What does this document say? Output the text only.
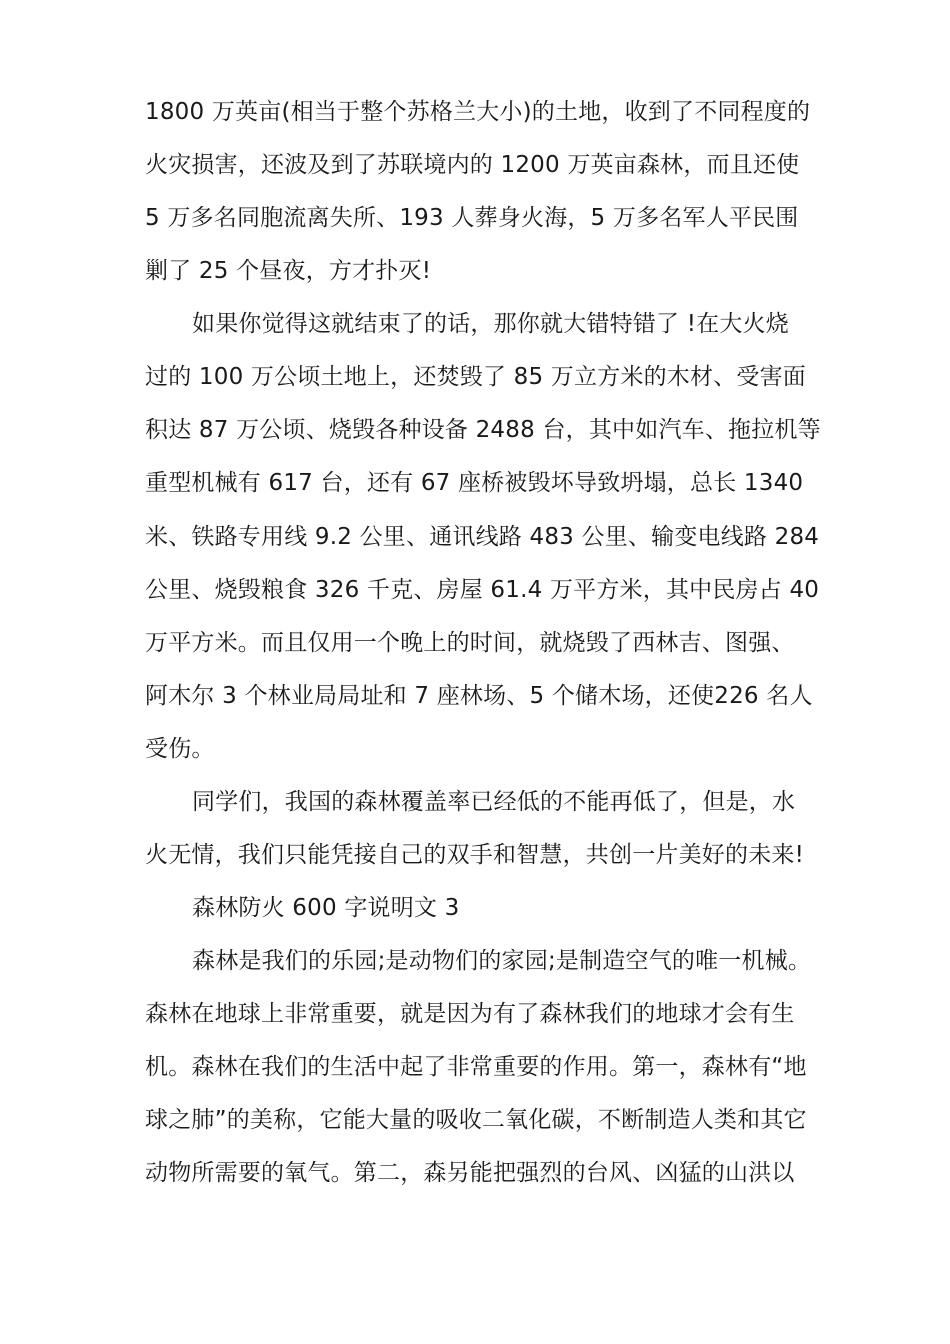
1800 万英亩(相当于整个苏格兰大小)的土地，收到了不同程度的
火灾损害，还波及到了苏联境内的 1200 万英亩森林，而且还使
5 万多名同胞流离失所、193 人葬身火海，5 万多名军人平民围
剿了 25 个昼夜，方才扑灭!
如果你觉得这就结束了的话，那你就大错特错了 !在大火烧
过的 100 万公顷土地上，还焚毁了 85 万立方米的木材、受害面
积达 87 万公顷、烧毁各种设备 2488 台，其中如汽车、拖拉机等
重型机械有 617 台，还有 67 座桥被毁坏导致坍塌，总长 1340
米、铁路专用线 9.2 公里、通讯线路 483 公里、输变电线路 284
公里、烧毁粮食 326 千克、房屋 61.4 万平方米，其中民房占 40
万平方米。而且仅用一个晚上的时间，就烧毁了西林吉、图强、
阿木尔 3 个林业局局址和 7 座林场、5 个储木场，还使226 名人
受伤。
同学们，我国的森林覆盖率已经低的不能再低了，但是，水
火无情，我们只能凭接自己的双手和智慧，共创一片美好的未来!
森林防火 600 字说明文 3
森林是我们的乐园;是动物们的家园;是制造空气的唯一机械。
森林在地球上非常重要，就是因为有了森林我们的地球才会有生
机。森林在我们的生活中起了非常重要的作用。第一，森林有“地
球之肺”的美称，它能大量的吸收二氧化碳，不断制造人类和其它
动物所需要的氧气。第二，森另能把强烈的台风、凶猛的山洪以
